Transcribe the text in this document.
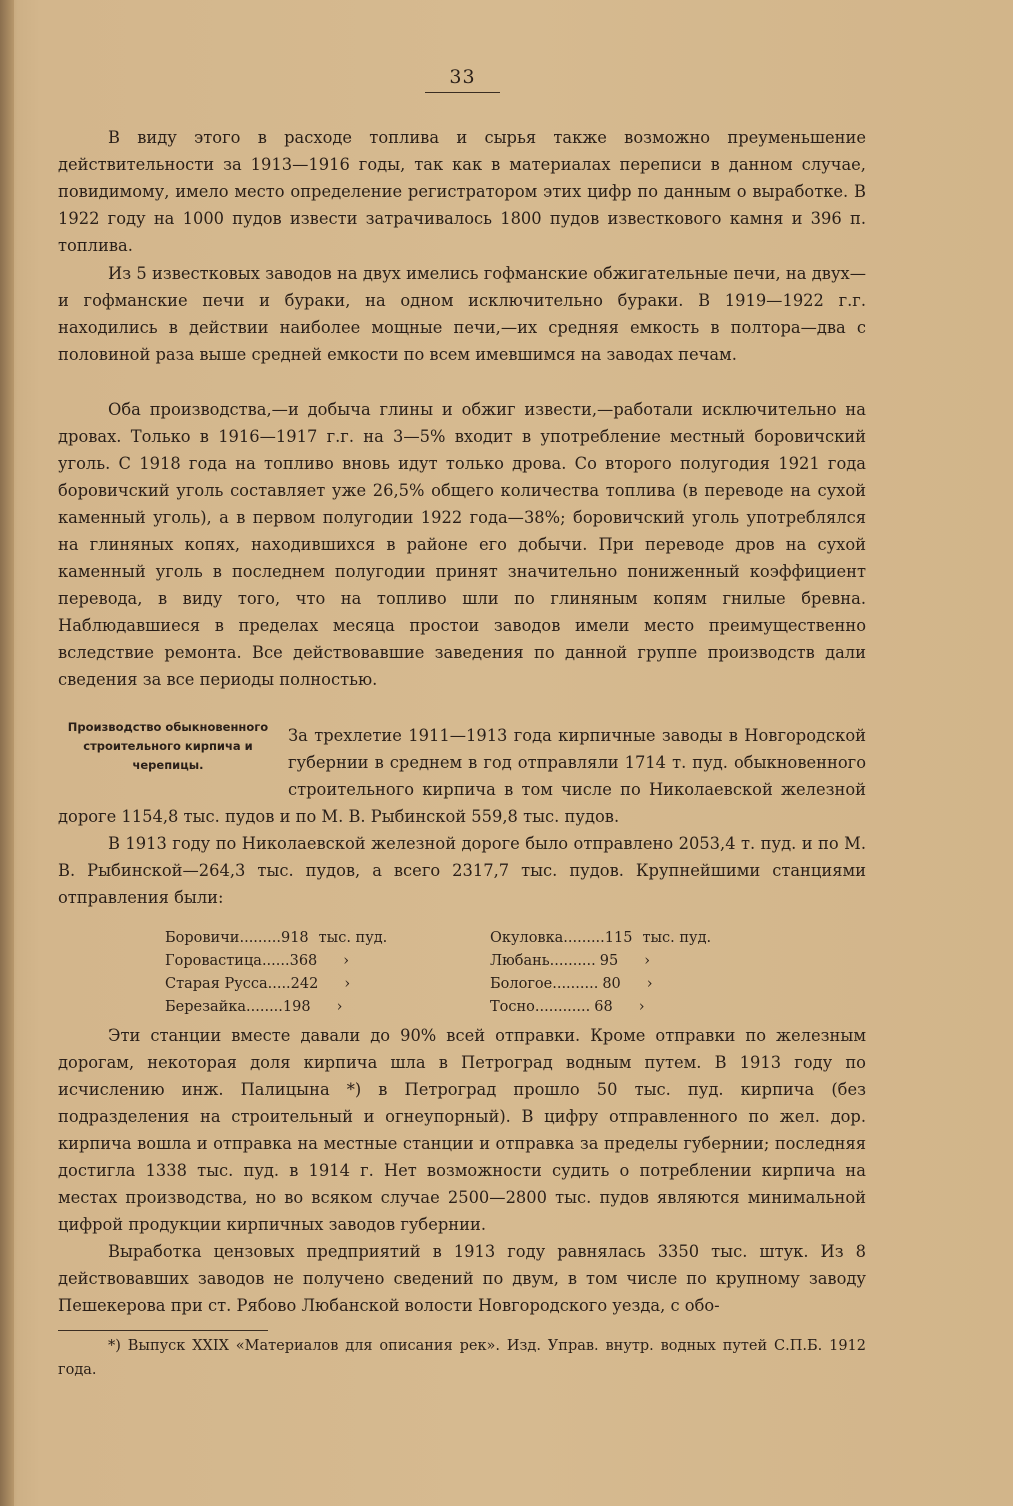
33

В виду этого в расходе топлива и сырья также возможно преуменьшение действительности за 1913—1916 годы, так как в материалах переписи в данном случае, повидимому, имело место определение регистратором этих цифр по данным о выработке. В 1922 году на 1000 пудов извести затрачивалось 1800 пудов известкового камня и 396 п. топлива.

Из 5 известковых заводов на двух имелись гофманские обжигательные печи, на двух—и гофманские печи и бураки, на одном исключительно бураки. В 1919—1922 г.г. находились в действии наиболее мощные печи,—их средняя емкость в полтора—два с половиной раза выше средней емкости по всем имевшимся на заводах печам.

Оба производства,—и добыча глины и обжиг извести,—работали исключительно на дровах. Только в 1916—1917 г.г. на 3—5% входит в употребление местный боровичский уголь. С 1918 года на топливо вновь идут только дрова. Со второго полугодия 1921 года боровичский уголь составляет уже 26,5% общего количества топлива (в переводе на сухой каменный уголь), а в первом полугодии 1922 года—38%; боровичский уголь употреблялся на глиняных копях, находившихся в районе его добычи. При переводе дров на сухой каменный уголь в последнем полугодии принят значительно пониженный коэффициент перевода, в виду того, что на топливо шли по глиняным копям гнилые бревна. Наблюдавшиеся в пределах месяца простои заводов имели место преимущественно вследствие ремонта. Все действовавшие заведения по данной группе производств дали сведения за все периоды полностью.

Производство обыкновенного строительного кирпича и черепицы.

За трехлетие 1911—1913 года кирпичные заводы в Новгородской губернии в среднем в год отправляли 1714 т. пуд. обыкновенного строительного кирпича в том числе по Николаевской железной дороге 1154,8 тыс. пудов и по М. В. Рыбинской 559,8 тыс. пудов.

В 1913 году по Николаевской железной дороге было отправлено 2053,4 т. пуд. и по М. В. Рыбинской—264,3 тыс. пудов, а всего 2317,7 тыс. пудов. Крупнейшими станциями отправления были:

Боровичи ......... 918 тыс. пуд.
Горовастица ...... 368 ›
Старая Русса ..... 242 ›
Березайка ........ 198 ›
Окуловка ......... 115 тыс. пуд.
Любань .......... 95 ›
Бологое .......... 80 ›
Тосно ............ 68 ›

Эти станции вместе давали до 90% всей отправки. Кроме отправки по железным дорогам, некоторая доля кирпича шла в Петроград водным путем. В 1913 году по исчислению инж. Палицына *) в Петроград прошло 50 тыс. пуд. кирпича (без подразделения на строительный и огнеупорный). В цифру отправленного по жел. дор. кирпича вошла и отправка на местные станции и отправка за пределы губернии; последняя достигла 1338 тыс. пуд. в 1914 г. Нет возможности судить о потреблении кирпича на местах производства, но во всяком случае 2500—2800 тыс. пудов являются минимальной цифрой продукции кирпичных заводов губернии.

Выработка цензовых предприятий в 1913 году равнялась 3350 тыс. штук. Из 8 действовавших заводов не получено сведений по двум, в том числе по крупному заводу Пешекерова при ст. Рябово Любанской волости Новгородского уезда, с обо-

*) Выпуск XXIX «Материалов для описания рек». Изд. Управ. внутр. водных путей С.П.Б. 1912 года.
